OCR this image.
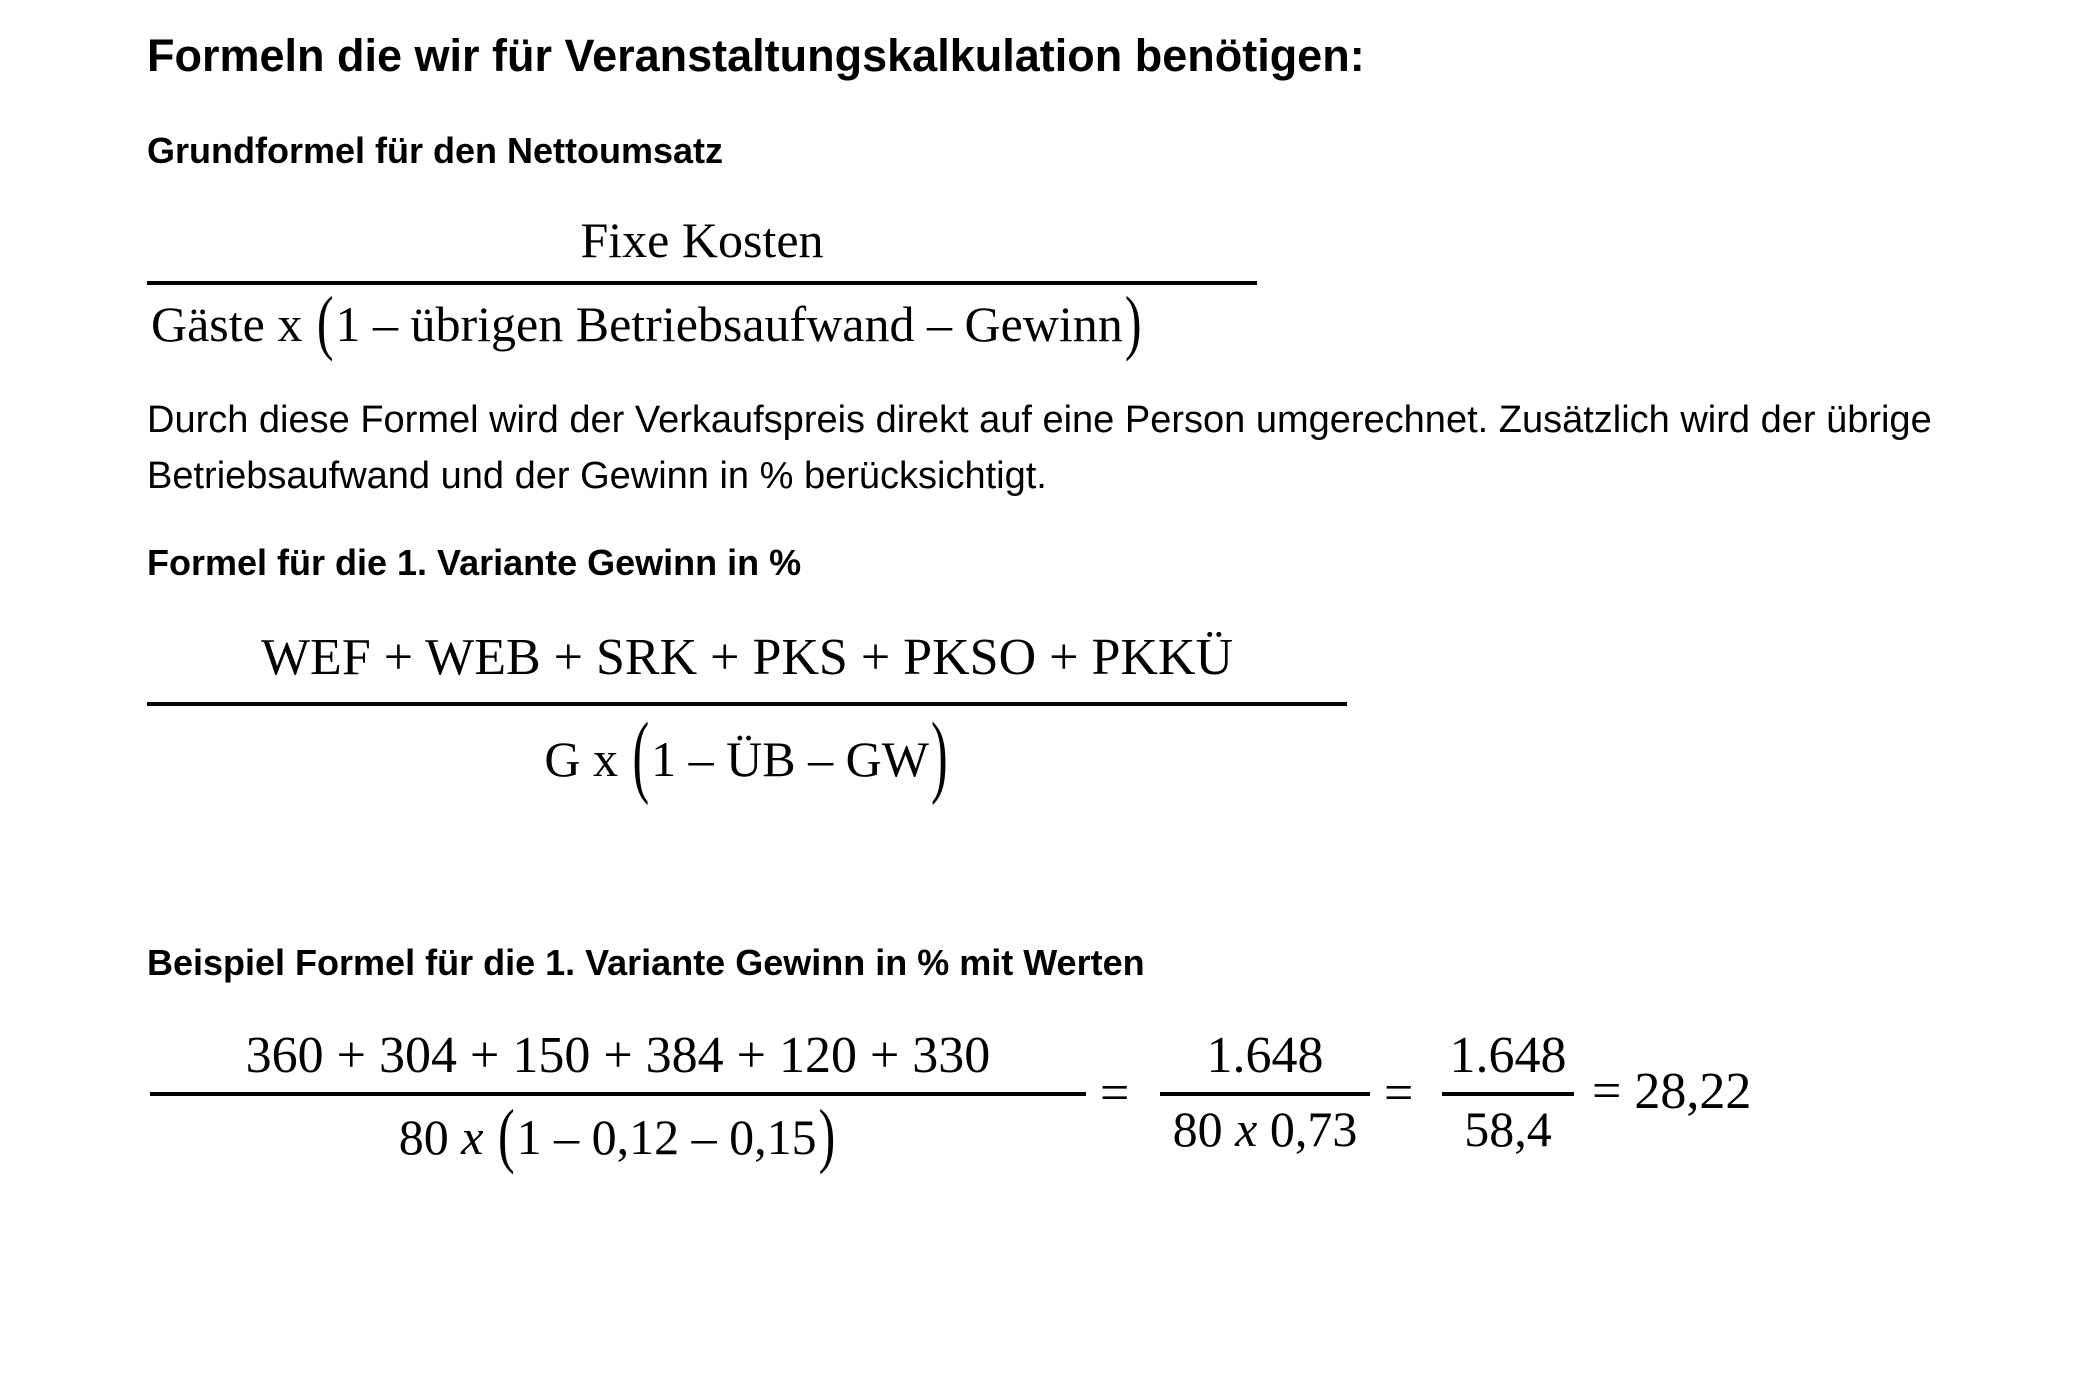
Formeln die wir für Veranstaltungskalkulation benötigen:
Grundformel für den Nettoumsatz
Fixe Kosten
Gäste x (1 – übrigen Betriebsaufwand – Gewinn)
Durch diese Formel wird der Verkaufspreis direkt auf eine Person umgerechnet. Zusätzlich wird der übrige Betriebsaufwand und der Gewinn in % berücksichtigt.
Formel für die 1. Variante Gewinn in %
WEF + WEB + SRK + PKS + PKSO + PKKÜ
G x (1 – ÜB – GW)
Beispiel Formel für die 1. Variante Gewinn in % mit Werten
360 + 304 + 150 + 384 + 120 + 330
80 x (1 – 0,12 – 0,15)
=
1.648
80 x 0,73
=
1.648
58,4
= 28,22
